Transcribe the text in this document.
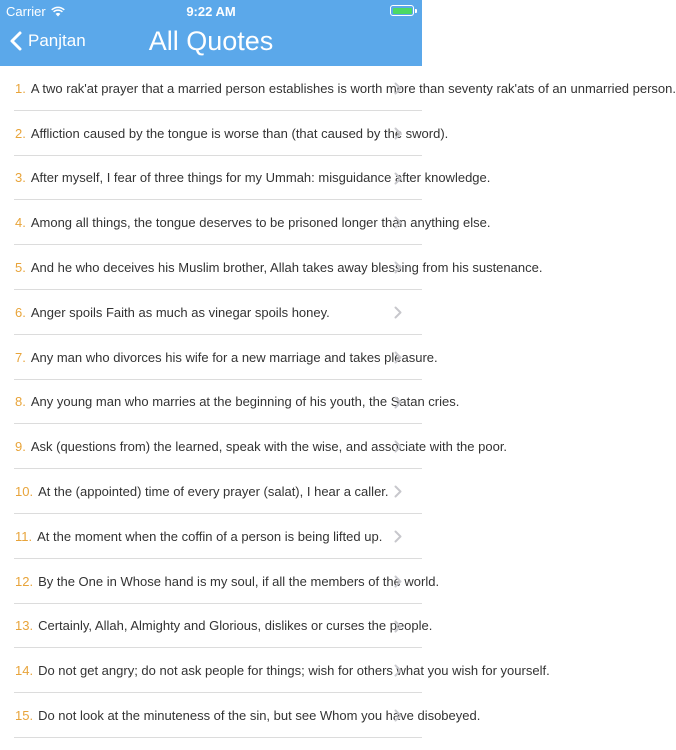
Carrier	9:22 AM
Panjtan	All Quotes
1. A two rak'at prayer that a married person establishes is worth more than seventy rak'ats of an unmarried person.
2. Affliction caused by the tongue is worse than (that caused by the sword).
3. After myself, I fear of three things for my Ummah: misguidance after knowledge.
4. Among all things, the tongue deserves to be prisoned longer than anything else.
5. And he who deceives his Muslim brother, Allah takes away blessing from his sustenance.
6. Anger spoils Faith as much as vinegar spoils honey.
7. Any man who divorces his wife for a new marriage and takes pleasure.
8. Any young man who marries at the beginning of his youth, the Satan cries.
9. Ask (questions from) the learned, speak with the wise, and associate with the poor.
10. At the (appointed) time of every prayer (salat), I hear a caller.
11. At the moment when the coffin of a person is being lifted up.
12. By the One in Whose hand is my soul, if all the members of the world.
13. Certainly, Allah, Almighty and Glorious, dislikes or curses the people.
14. Do not get angry; do not ask people for things; wish for others what you wish for yourself.
15. Do not look at the minuteness of the sin, but see Whom you have disobeyed.
